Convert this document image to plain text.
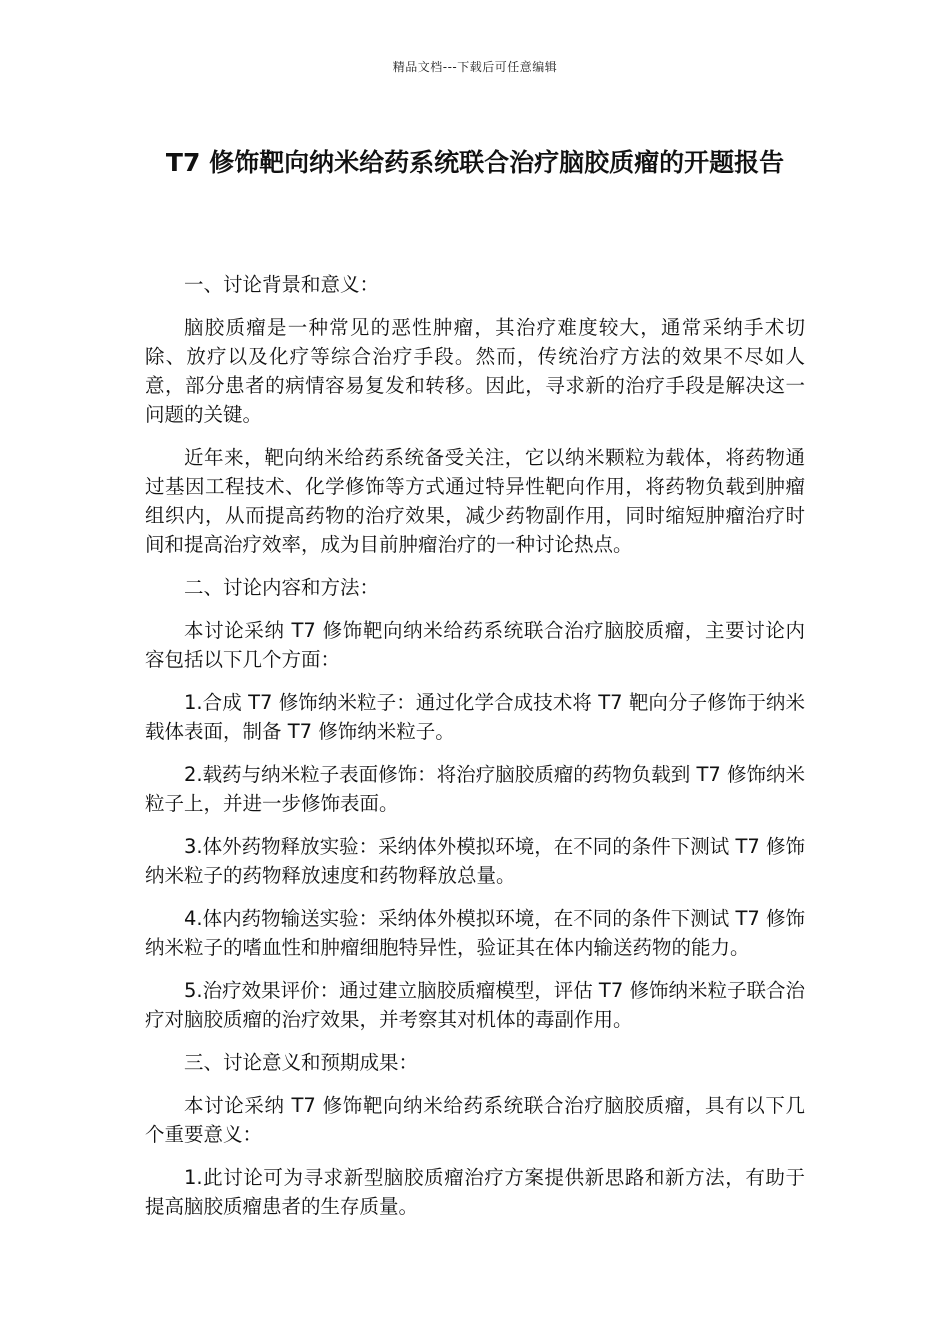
精品文档---下载后可任意编辑
T7 修饰靶向纳米给药系统联合治疗脑胶质瘤的开题报告

一、讨论背景和意义：

脑胶质瘤是一种常见的恶性肿瘤，其治疗难度较大，通常采纳手术切除、放疗以及化疗等综合治疗手段。然而，传统治疗方法的效果不尽如人意，部分患者的病情容易复发和转移。因此，寻求新的治疗手段是解决这一问题的关键。

近年来，靶向纳米给药系统备受关注，它以纳米颗粒为载体，将药物通过基因工程技术、化学修饰等方式通过特异性靶向作用，将药物负载到肿瘤组织内，从而提高药物的治疗效果，减少药物副作用，同时缩短肿瘤治疗时间和提高治疗效率，成为目前肿瘤治疗的一种讨论热点。

二、讨论内容和方法：

本讨论采纳 T7 修饰靶向纳米给药系统联合治疗脑胶质瘤，主要讨论内容包括以下几个方面：

1.合成 T7 修饰纳米粒子：通过化学合成技术将 T7 靶向分子修饰于纳米载体表面，制备 T7 修饰纳米粒子。

2.载药与纳米粒子表面修饰：将治疗脑胶质瘤的药物负载到 T7 修饰纳米粒子上，并进一步修饰表面。

3.体外药物释放实验：采纳体外模拟环境，在不同的条件下测试 T7 修饰纳米粒子的药物释放速度和药物释放总量。

4.体内药物输送实验：采纳体外模拟环境，在不同的条件下测试 T7 修饰纳米粒子的嗜血性和肿瘤细胞特异性，验证其在体内输送药物的能力。

5.治疗效果评价：通过建立脑胶质瘤模型，评估 T7 修饰纳米粒子联合治疗对脑胶质瘤的治疗效果，并考察其对机体的毒副作用。

三、讨论意义和预期成果：

本讨论采纳 T7 修饰靶向纳米给药系统联合治疗脑胶质瘤，具有以下几个重要意义：

1.此讨论可为寻求新型脑胶质瘤治疗方案提供新思路和新方法，有助于提高脑胶质瘤患者的生存质量。
